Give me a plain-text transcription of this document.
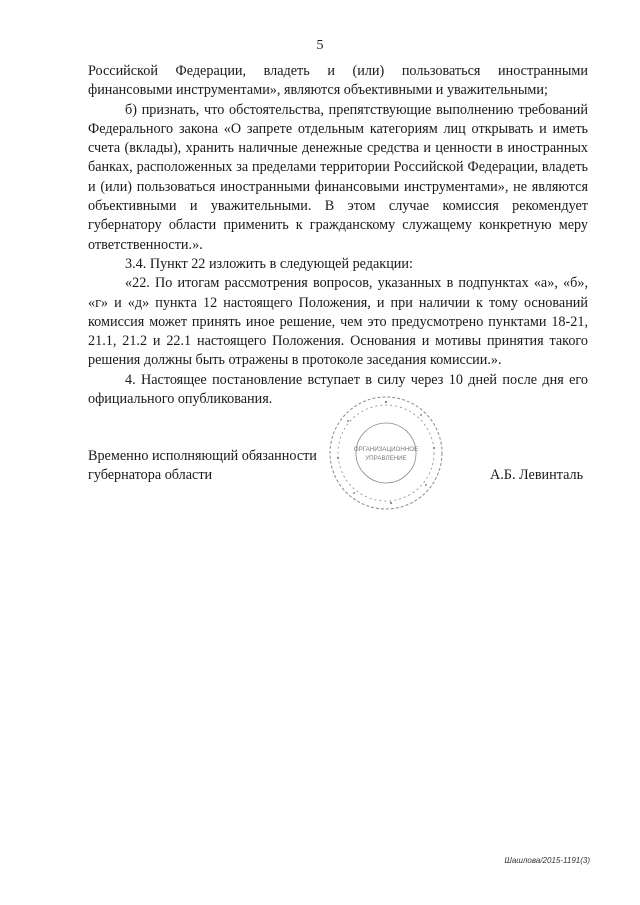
5

Российской Федерации, владеть и (или) пользоваться иностранными финансовыми инструментами», являются объективными и уважительными;

б) признать, что обстоятельства, препятствующие выполнению требований Федерального закона «О запрете отдельным категориям лиц открывать и иметь счета (вклады), хранить наличные денежные средства и ценности в иностранных банках, расположенных за пределами территории Российской Федерации, владеть и (или) пользоваться иностранными финансовыми инструментами», не являются объективными и уважительными. В этом случае комиссия рекомендует губернатору области применить к гражданскому служащему конкретную меру ответственности.».

3.4. Пункт 22 изложить в следующей редакции:

«22. По итогам рассмотрения вопросов, указанных в подпунктах «а», «б», «г» и «д» пункта 12 настоящего Положения, и при наличии к тому оснований комиссия может принять иное решение, чем это предусмотрено пунктами 18-21, 21.1, 21.2 и 22.1 настоящего Положения. Основания и мотивы принятия такого решения должны быть отражены в протоколе заседания комиссии.».

4. Настоящее постановление вступает в силу через 10 дней после дня его официального опубликования.

Временно исполняющий обязанности
губернатора области
ОРГАНИЗАЦИОННОЕ
УПРАВЛЕНИЕ
А.Б. Левинталь
Шашлова/2015-1191(3)
